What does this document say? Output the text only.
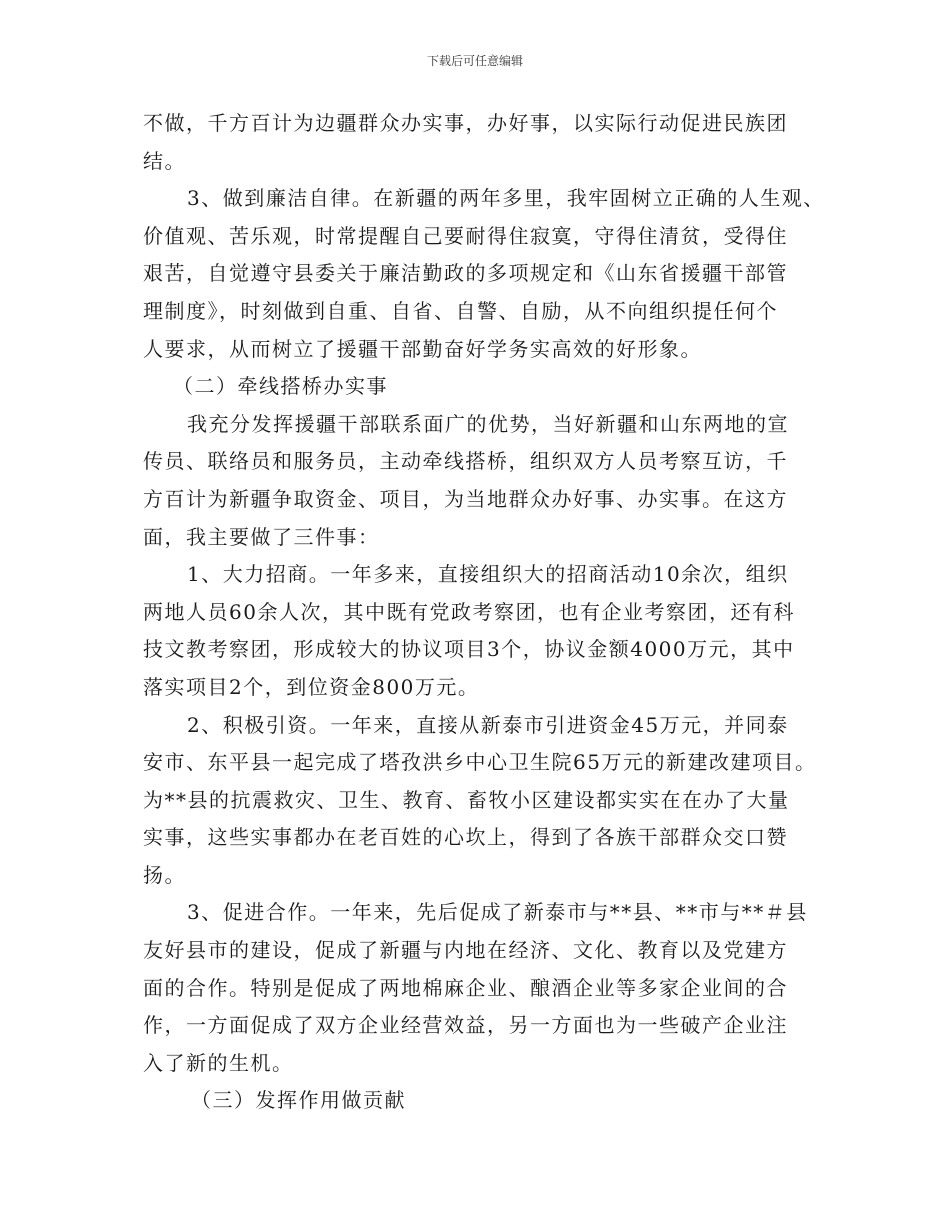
下载后可任意编辑
不做，千方百计为边疆群众办实事，办好事，以实际行动促进民族团
结。
3、做到廉洁自律。在新疆的两年多里，我牢固树立正确的人生观、
价值观、苦乐观，时常提醒自己要耐得住寂寞，守得住清贫，受得住
艰苦，自觉遵守县委关于廉洁勤政的多项规定和《山东省援疆干部管
理制度》，时刻做到自重、自省、自警、自励，从不向组织提任何个
人要求，从而树立了援疆干部勤奋好学务实高效的好形象。
（二）牵线搭桥办实事
我充分发挥援疆干部联系面广的优势，当好新疆和山东两地的宣
传员、联络员和服务员，主动牵线搭桥，组织双方人员考察互访，千
方百计为新疆争取资金、项目，为当地群众办好事、办实事。在这方
面，我主要做了三件事：
1、大力招商。一年多来，直接组织大的招商活动10余次，组织
两地人员60余人次，其中既有党政考察团，也有企业考察团，还有科
技文教考察团，形成较大的协议项目3个，协议金额4000万元，其中
落实项目2个，到位资金800万元。
2、积极引资。一年来，直接从新泰市引进资金45万元，并同泰
安市、东平县一起完成了塔孜洪乡中心卫生院65万元的新建改建项目。
为**县的抗震救灾、卫生、教育、畜牧小区建设都实实在在办了大量
实事，这些实事都办在老百姓的心坎上，得到了各族干部群众交口赞
扬。
3、促进合作。一年来，先后促成了新泰市与**县、**市与**＃县
友好县市的建设，促成了新疆与内地在经济、文化、教育以及党建方
面的合作。特别是促成了两地棉麻企业、酿酒企业等多家企业间的合
作，一方面促成了双方企业经营效益，另一方面也为一些破产企业注
入了新的生机。
（三）发挥作用做贡献
